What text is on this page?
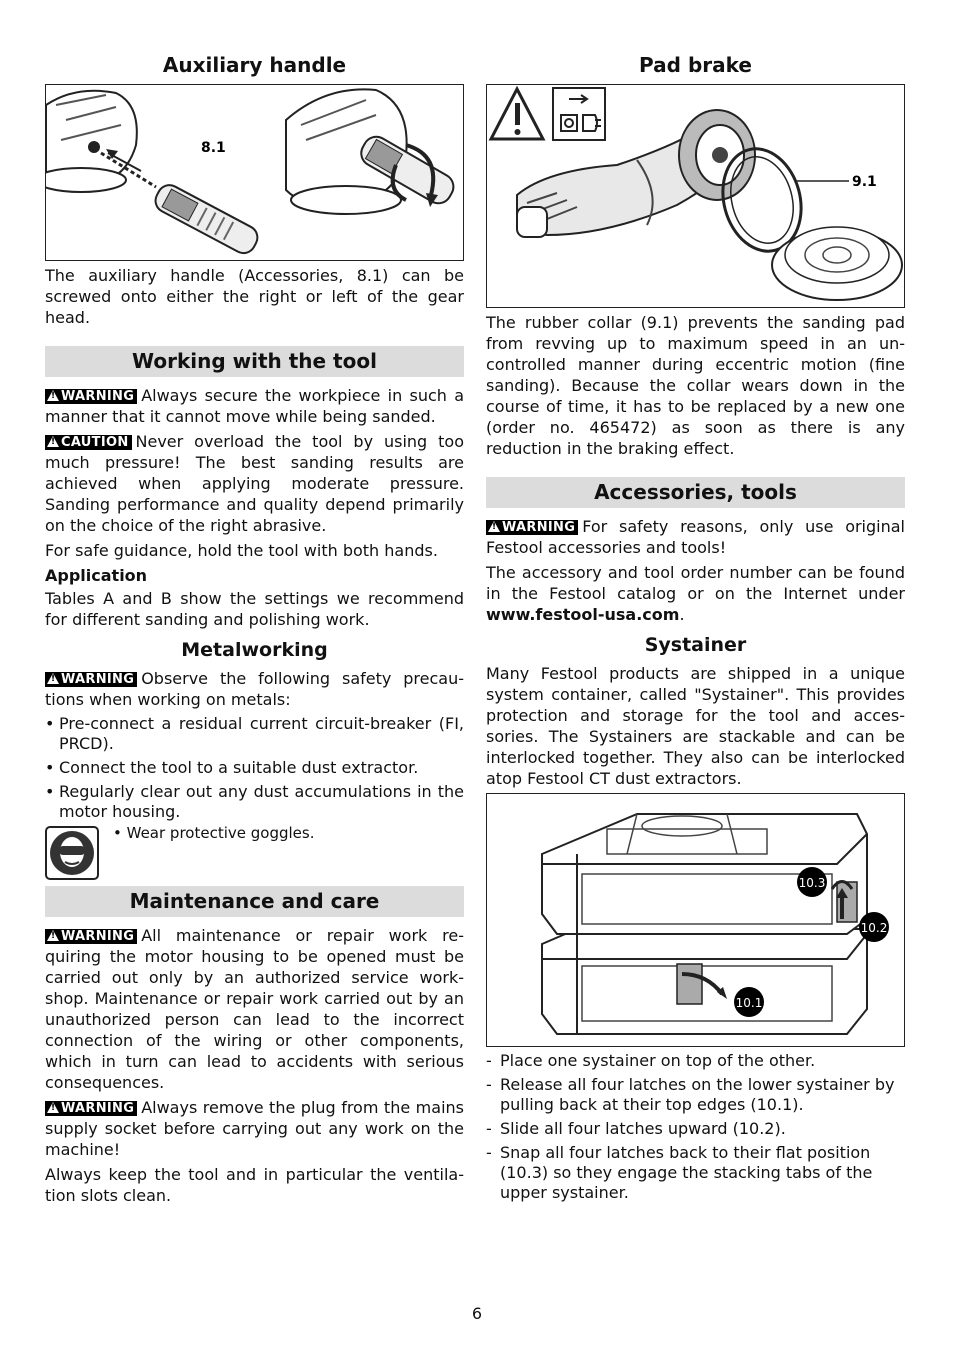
Auxiliary handle
8.1

The auxiliary handle (Accessories, 8.1) can be screwed onto either the right or left of the gear head.

Working with the tool

! WARNING Always secure the workpiece in such a manner that it cannot move while being sanded.

! CAUTION Never overload the tool by using too much pressure! The best sanding results are achieved when applying moderate pressure. Sanding performance and quality depend primarily on the choice of the right abrasive.

For safe guidance, hold the tool with both hands.

Application

Tables A and B show the settings we recommend for different sanding and polishing work.

Metalworking

! WARNING Observe the following safety precau-tions when working on metals:

• Pre-connect a residual current circuit-breaker (FI, PRCD).
• Connect the tool to a suitable dust extractor.
• Regularly clear out any dust accumulations in the motor housing.
• Wear protective goggles.
Maintenance and care

! WARNING All maintenance or repair work re-quiring the motor housing to be opened must be carried out only by an authorized service work-shop. Maintenance or repair work carried out by an unauthorized person can lead to the incorrect connection of the wiring or other components, which in turn can lead to accidents with serious consequences.

! WARNING Always remove the plug from the mains supply socket before carrying out any work on the machine!

Always keep the tool and in particular the ventila-tion slots clean.

Pad brake
9.1

The rubber collar (9.1) prevents the sanding pad from revving up to maximum speed in an un-controlled manner during eccentric motion (fine sanding). Because the collar wears down in the course of time, it has to be replaced by a new one (order no. 465472) as soon as there is any reduction in the braking effect.

Accessories, tools

! WARNING For safety reasons, only use original Festool accessories and tools!

The accessory and tool order number can be found in the Festool catalog or on the Internet under www.festool-usa.com.

Systainer

Many Festool products are shipped in a unique system container, called "Systainer". This provides protection and storage for the tool and acces-sories. The Systainers are stackable and can be interlocked together. They also can be interlocked atop Festool CT dust extractors.

10.3
10.2
10.1
- Place one systainer on top of the other.
- Release all four latches on the lower systainer by pulling back at their top edges (10.1).
- Slide all four latches upward (10.2).
- Snap all four latches back to their flat position (10.3) so they engage the stacking tabs of the upper systainer.
6
